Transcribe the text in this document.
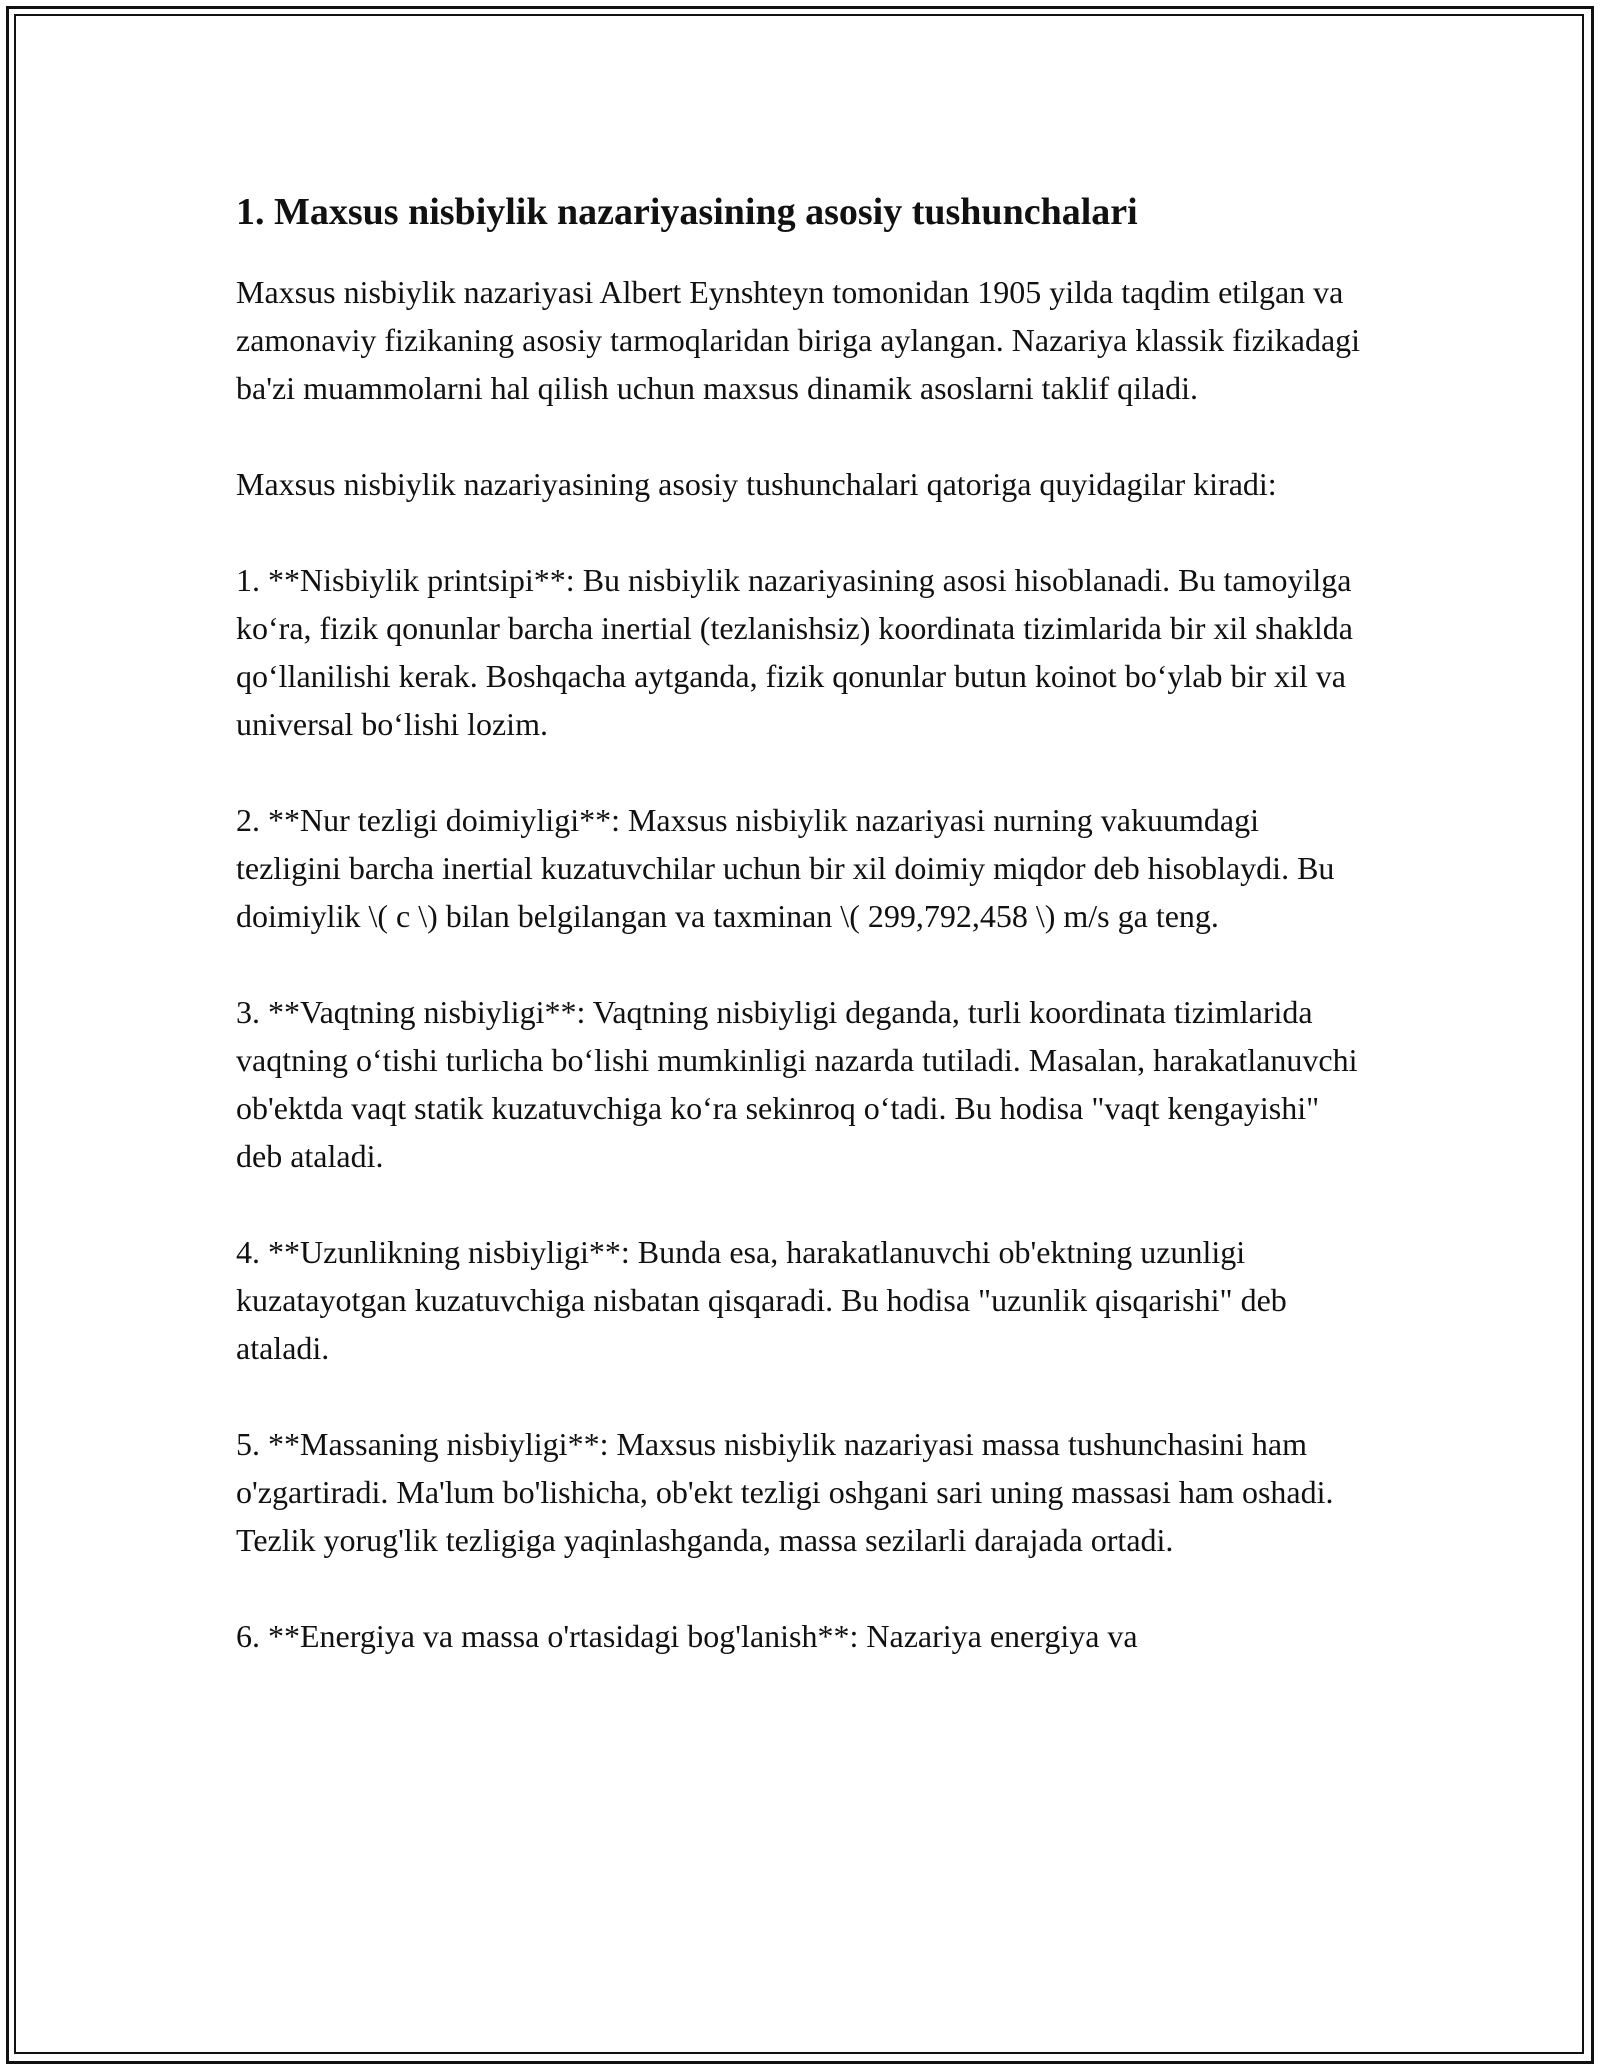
1. Maxsus nisbiylik nazariyasining asosiy tushunchalari

Maxsus nisbiylik nazariyasi Albert Eynshteyn tomonidan 1905 yilda taqdim etilgan va zamonaviy fizikaning asosiy tarmoqlaridan biriga aylangan. Nazariya klassik fizikadagi ba'zi muammolarni hal qilish uchun maxsus dinamik asoslarni taklif qiladi.

Maxsus nisbiylik nazariyasining asosiy tushunchalari qatoriga quyidagilar kiradi:

1. **Nisbiylik printsipi**: Bu nisbiylik nazariyasining asosi hisoblanadi. Bu tamoyilga ko‘ra, fizik qonunlar barcha inertial (tezlanishsiz) koordinata tizimlarida bir xil shaklda qo‘llanilishi kerak. Boshqacha aytganda, fizik qonunlar butun koinot bo‘ylab bir xil va universal bo‘lishi lozim.

2. **Nur tezligi doimiyligi**: Maxsus nisbiylik nazariyasi nurning vakuumdagi tezligini barcha inertial kuzatuvchilar uchun bir xil doimiy miqdor deb hisoblaydi. Bu doimiylik \( c \) bilan belgilangan va taxminan \( 299,792,458 \) m/s ga teng.

3. **Vaqtning nisbiyligi**: Vaqtning nisbiyligi deganda, turli koordinata tizimlarida vaqtning o‘tishi turlicha bo‘lishi mumkinligi nazarda tutiladi. Masalan, harakatlanuvchi ob'ektda vaqt statik kuzatuvchiga ko‘ra sekinroq o‘tadi. Bu hodisa "vaqt kengayishi" deb ataladi.

4. **Uzunlikning nisbiyligi**: Bunda esa, harakatlanuvchi ob'ektning uzunligi kuzatayotgan kuzatuvchiga nisbatan qisqaradi. Bu hodisa "uzunlik qisqarishi" deb ataladi.

5. **Massaning nisbiyligi**: Maxsus nisbiylik nazariyasi massa tushunchasini ham o'zgartiradi. Ma'lum bo'lishicha, ob'ekt tezligi oshgani sari uning massasi ham oshadi. Tezlik yorug'lik tezligiga yaqinlashganda, massa sezilarli darajada ortadi.

6. **Energiya va massa o'rtasidagi bog'lanish**: Nazariya energiya va
